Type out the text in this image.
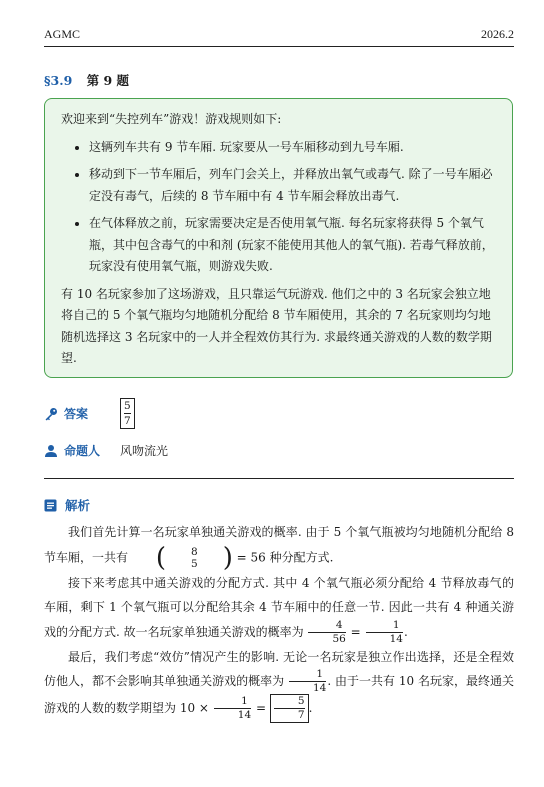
AGMC	2026.2
§3.9 第 9 题

欢迎来到“失控列车”游戏！游戏规则如下:

• 这辆列车共有 9 节车厢. 玩家要从一号车厢移动到九号车厢.
• 移动到下一节车厢后，列车门会关上，并释放出氧气或毒气. 除了一号车厢必定没有毒气，后续的 8 节车厢中有 4 节车厢会释放出毒气.
• 在气体释放之前，玩家需要决定是否使用氧气瓶. 每名玩家将获得 5 个氧气瓶，其中包含毒气的中和剂 (玩家不能使用其他人的氧气瓶). 若毒气释放前，玩家没有使用氧气瓶，则游戏失败.

有 10 名玩家参加了这场游戏，且只靠运气玩游戏. 他们之中的 3 名玩家会独立地将自己的 5 个氧气瓶均匀地随机分配给 8 节车厢使用，其余的 7 名玩家则均匀地随机选择这 3 名玩家中的一人并全程效仿其行为. 求最终通关游戏的人数的数学期望.

答案	$\frac{5}{7}$
命题人 风吻流光
解析

我们首先计算一名玩家单独通关游戏的概率. 由于 5 个氧气瓶被均匀地随机分配给 8 节车厢，一共有	(	8
5 ) = 56 种分配方式.

接下来考虑其中通关游戏的分配方式. 其中 4 个氧气瓶必须分配给 4 节释放毒气的车厢，剩下 1 个氧气瓶可以分配给其余 4 节车厢中的任意一节. 因此一共有 4 种通关游戏的分配方式. 故一名玩家单独通关游戏的概率为 $\frac{4}{56} = \frac{1}{14}$ .

最后，我们考虑“效仿”情况产生的影响. 无论一名玩家是独立作出选择，还是全程效仿他人，都不会影响其单独通关游戏的概率为 $\frac{1}{14}$ . 由于一共有 10 名玩家，最终通关游戏的人数的数学期望为 $10 \times \frac{1}{14} = \frac{5}{7}$ .
